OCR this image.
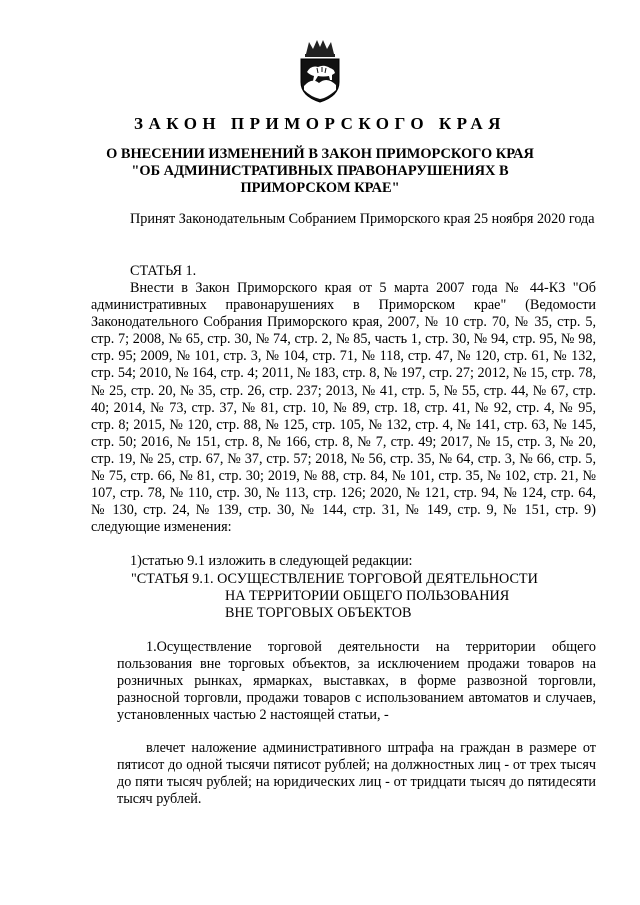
ЗАКОН ПРИМОРСКОГО КРАЯ
О ВНЕСЕНИИ ИЗМЕНЕНИЙ В ЗАКОН ПРИМОРСКОГО КРАЯ
"ОБ АДМИНИСТРАТИВНЫХ ПРАВОНАРУШЕНИЯХ В
ПРИМОРСКОМ КРАЕ"

Принят Законодательным Собранием Приморского края 25 ноября 2020 года

СТАТЬЯ 1.

Внести в Закон Приморского края от 5 марта 2007 года № 44-КЗ "Об административных правонарушениях в Приморском крае" (Ведомости Законодательного Собрания Приморского края, 2007, № 10 стр. 70, № 35, стр. 5, стр. 7; 2008, № 65, стр. 30, № 74, стр. 2, № 85, часть 1, стр. 30, № 94, стр. 95, № 98, стр. 95; 2009, № 101, стр. 3, № 104, стр. 71, № 118, стр. 47, № 120, стр. 61, № 132, стр. 54; 2010, № 164, стр. 4; 2011, № 183, стр. 8, № 197, стр. 27; 2012, № 15, стр. 78, № 25, стр. 20, № 35, стр. 26, стр. 237; 2013, № 41, стр. 5, № 55, стр. 44, № 67, стр. 40; 2014, № 73, стр. 37, № 81, стр. 10, № 89, стр. 18, стр. 41, № 92, стр. 4, № 95, стр. 8; 2015, № 120, стр. 88, № 125, стр. 105, № 132, стр. 4, № 141, стр. 63, № 145, стр. 50; 2016, № 151, стр. 8, № 166, стр. 8, № 7, стр. 49; 2017, № 15, стр. 3, № 20, стр. 19, № 25, стр. 67, № 37, стр. 57; 2018, № 56, стр. 35, № 64, стр. 3, № 66, стр. 5, № 75, стр. 66, № 81, стр. 30; 2019, № 88, стр. 84, № 101, стр. 35, № 102, стр. 21, № 107, стр. 78, № 110, стр. 30, № 113, стр. 126; 2020, № 121, стр. 94, № 124, стр. 64, № 130, стр. 24, № 139, стр. 30, № 144, стр. 31, № 149, стр. 9, № 151, стр. 9) следующие изменения:

1)статью 9.1 изложить в следующей редакции:

"СТАТЬЯ 9.1. ОСУЩЕСТВЛЕНИЕ ТОРГОВОЙ ДЕЯТЕЛЬНОСТИ
НА ТЕРРИТОРИИ ОБЩЕГО ПОЛЬЗОВАНИЯ
ВНЕ ТОРГОВЫХ ОБЪЕКТОВ

1.Осуществление торговой деятельности на территории общего пользования вне торговых объектов, за исключением продажи товаров на розничных рынках, ярмарках, выставках, в форме развозной торговли, разносной торговли, продажи товаров с использованием автоматов и случаев, установленных частью 2 настоящей статьи, -

влечет наложение административного штрафа на граждан в размере от пятисот до одной тысячи пятисот рублей; на должностных лиц - от трех тысяч до пяти тысяч рублей; на юридических лиц - от тридцати тысяч до пятидесяти тысяч рублей.
